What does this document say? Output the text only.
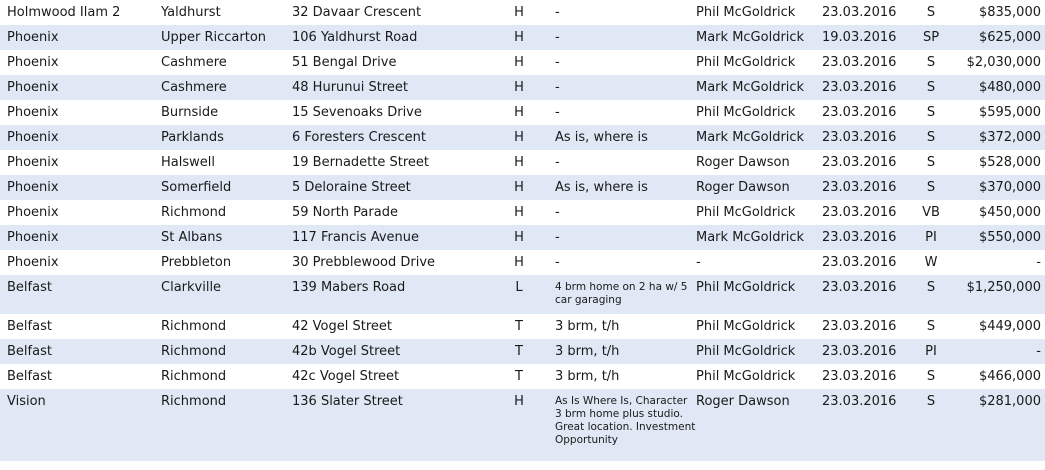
Holmwood Ilam 2	Yaldhurst	32 Davaar Crescent	H	-	Phil McGoldrick	23.03.2016	S	$835,000
Phoenix	Upper Riccarton	106 Yaldhurst Road	H	-	Mark McGoldrick	19.03.2016	SP	$625,000
Phoenix	Cashmere	51 Bengal Drive	H	-	Phil McGoldrick	23.03.2016	S	$2,030,000
Phoenix	Cashmere	48 Hurunui Street	H	-	Mark McGoldrick	23.03.2016	S	$480,000
Phoenix	Burnside	15 Sevenoaks Drive	H	-	Phil McGoldrick	23.03.2016	S	$595,000
Phoenix	Parklands	6 Foresters Crescent	H	As is, where is	Mark McGoldrick	23.03.2016	S	$372,000
Phoenix	Halswell	19 Bernadette Street	H	-	Roger Dawson	23.03.2016	S	$528,000
Phoenix	Somerfield	5 Deloraine Street	H	As is, where is	Roger Dawson	23.03.2016	S	$370,000
Phoenix	Richmond	59 North Parade	H	-	Phil McGoldrick	23.03.2016	VB	$450,000
Phoenix	St Albans	117 Francis Avenue	H	-	Mark McGoldrick	23.03.2016	PI	$550,000
Phoenix	Prebbleton	30 Prebblewood Drive	H	-	-	23.03.2016	W	-
Belfast	Clarkville	139 Mabers Road	L	4 brm home on 2 ha w/ 5 car garaging	Phil McGoldrick	23.03.2016	S	$1,250,000
Belfast	Richmond	42 Vogel Street	T	3 brm, t/h	Phil McGoldrick	23.03.2016	S	$449,000
Belfast	Richmond	42b Vogel Street	T	3 brm, t/h	Phil McGoldrick	23.03.2016	PI	-
Belfast	Richmond	42c Vogel Street	T	3 brm, t/h	Phil McGoldrick	23.03.2016	S	$466,000
Vision	Richmond	136 Slater Street	H	As Is Where Is, Character 3 brm home plus studio. Great location. Investment Opportunity	Roger Dawson	23.03.2016	S	$281,000
